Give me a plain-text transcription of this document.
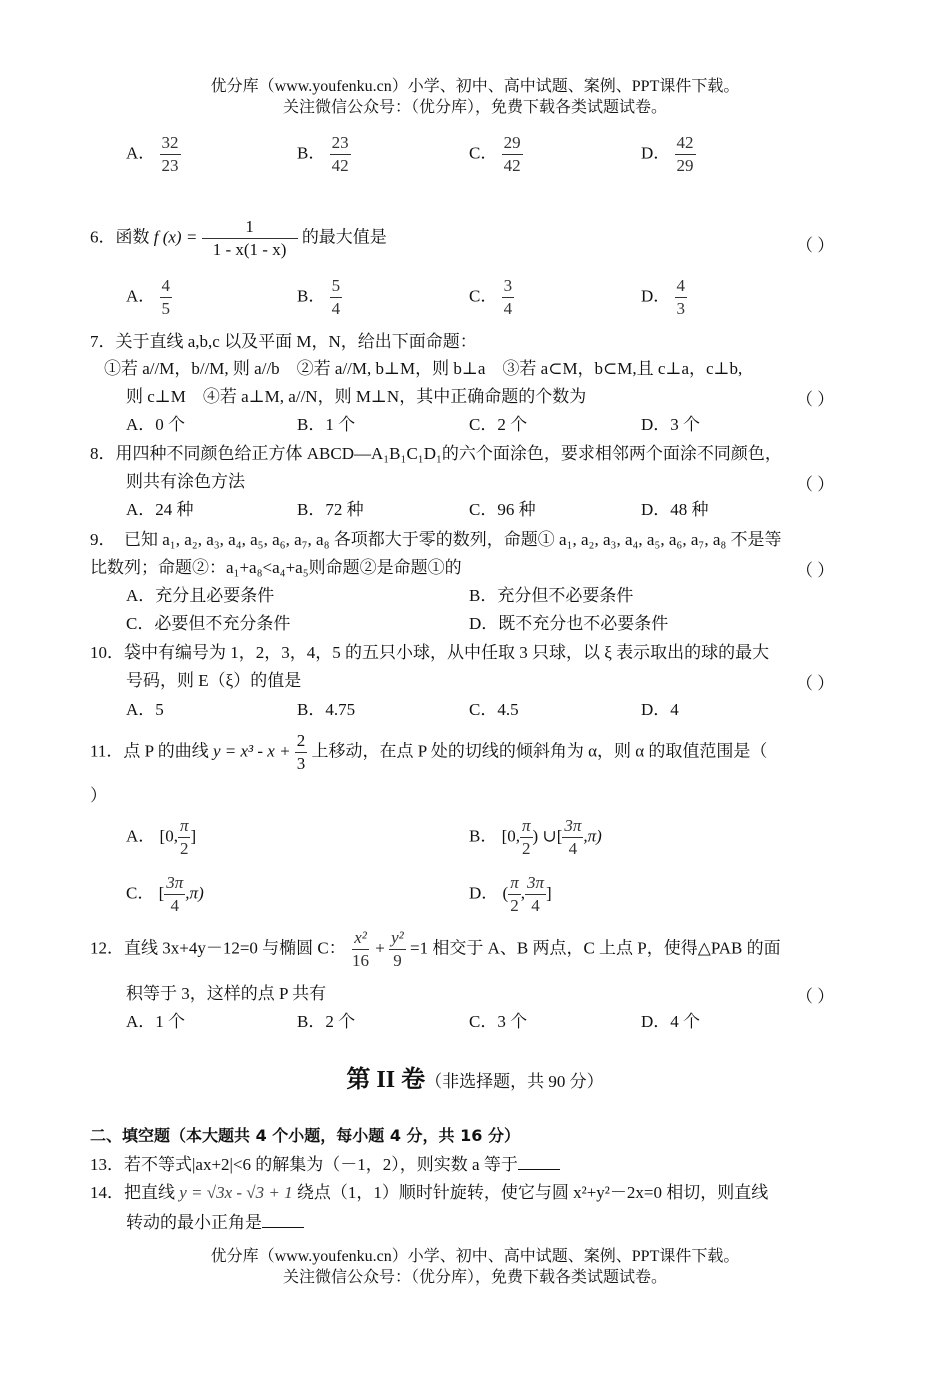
优分库（www.youfenku.cn）小学、初中、高中试题、案例、PPT课件下载。
关注微信公众号：（优分库），免费下载各类试题试卷。
A． $\frac{32}{23}$	B． $\frac{23}{42}$	C． $\frac{29}{42}$	D． $\frac{42}{29}$
6．函数 f $(x) = \frac{1}{1 - x(1 - x)}$ 的最大值是	（ ）
A． $\frac{4}{5}$	B． $\frac{5}{4}$	C． $\frac{3}{4}$	D． $\frac{4}{3}$
7．关于直线 a,b,c 以及平面 M，N，给出下面命题：
①若 a//M，b//M, 则 a//b　②若 a//M, b⊥M，则 b⊥a　③若 a⊂M，b⊂M,且 c⊥a，c⊥b,
则 c⊥M　④若 a⊥M, a//N，则 M⊥N，其中正确命题的个数为	（ ）
A．0 个	B．1 个	C．2 个	D．3 个
8．用四种不同颜色给正方体 ABCD—A₁B₁C₁D₁的六个面涂色，要求相邻两个面涂不同颜色，
则共有涂色方法	（ ）
A．24 种	B．72 种	C．96 种	D．48 种
9．　已知 a₁, a₂, a₃, a₄, a₅, a₆, a₇, a₈ 各项都大于零的数列，命题① a₁, a₂, a₃, a₄, a₅, a₆, a₇, a₈ 不是等
比数列；命题②：a₁+a₈<a₄+a₅则命题②是命题①的	（ ）
A．充分且必要条件	B．充分但不必要条件
C．必要但不充分条件	D．既不充分也不必要条件
10．袋中有编号为 1，2，3，4，5 的五只小球，从中任取 3 只球，以 ξ 表示取出的球的最大
号码，则 E（ξ）的值是	（ ）
A．5	B．4.75	C．4.5	D．4
11．点 P 的曲线 $y = x^3 - x + \frac{2}{3}$ 上移动，在点 P 处的切线的倾斜角为 α，则 α 的取值范围是（
）
A． [0, $\frac{\pi}{2}$ ]	B． [0, $\frac{\pi}{2}$ ) ∪[ $\frac{3\pi}{4} ,\pi$)
C． [ $\frac{3\pi}{4} ,\pi$)	D． ( $\frac{\pi}{2}$ , $\frac{3\pi}{4}$ ]
12．直线 3x+4y－12=0 与椭圆 C： $\frac{\text{x²}}{16} + \frac{\text{y²}}{9} =1$ 相交于 A、B 两点，C 上点 P，使得△PAB 的面
积等于 3，这样的点 P 共有	（ ）
A．1 个	B．2 个	C．3 个	D．4 个
第 II 卷（非选择题，共 90 分）
二、填空题（本大题共 4 个小题，每小题 4 分，共 16 分）
13．若不等式|ax+2|<6 的解集为（－1，2），则实数 a 等于
14．把直线 y = √3x - √3 + 1 绕点（1，1）顺时针旋转，使它与圆 x²+y²－2x=0 相切，则直线
转动的最小正角是
优分库（www.youfenku.cn）小学、初中、高中试题、案例、PPT课件下载。
关注微信公众号：（优分库），免费下载各类试题试卷。
